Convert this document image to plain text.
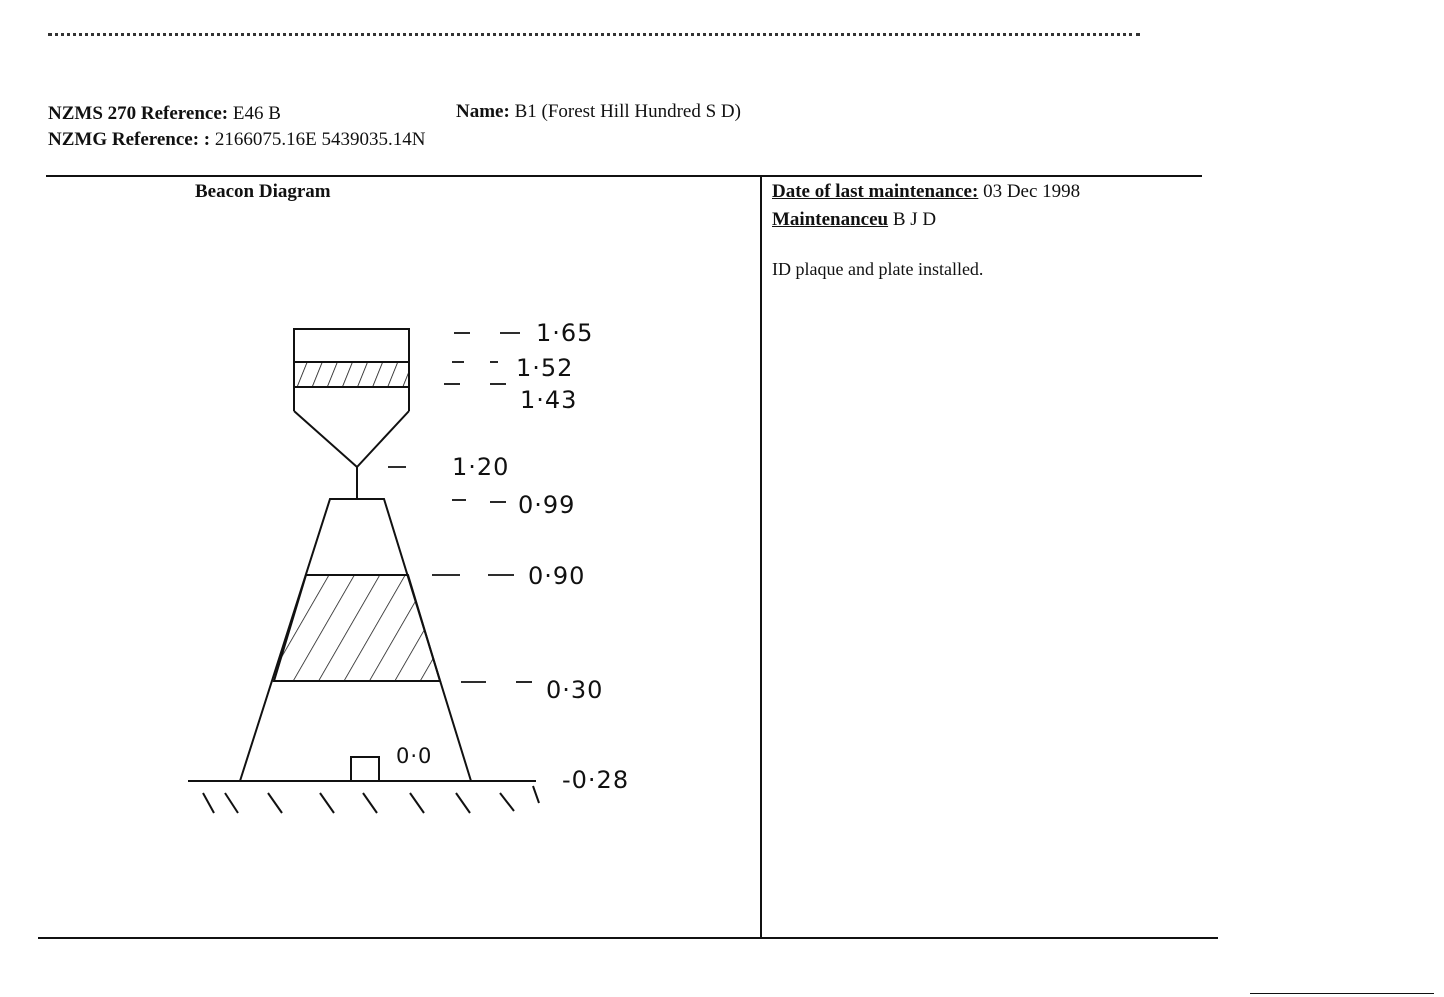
NZMS 270 Reference: E46 B	Name: B1 (Forest Hill Hundred S D)
NZMG Reference: : 2166075.16E 5439035.14N
Beacon Diagram	Date of last maintenance: 03 Dec 1998
Maintenanceu B J D
ID plaque and plate installed.
1·65
1·52
1·43
1·20
0·99
0·90
0·30
0·0
-0·28
